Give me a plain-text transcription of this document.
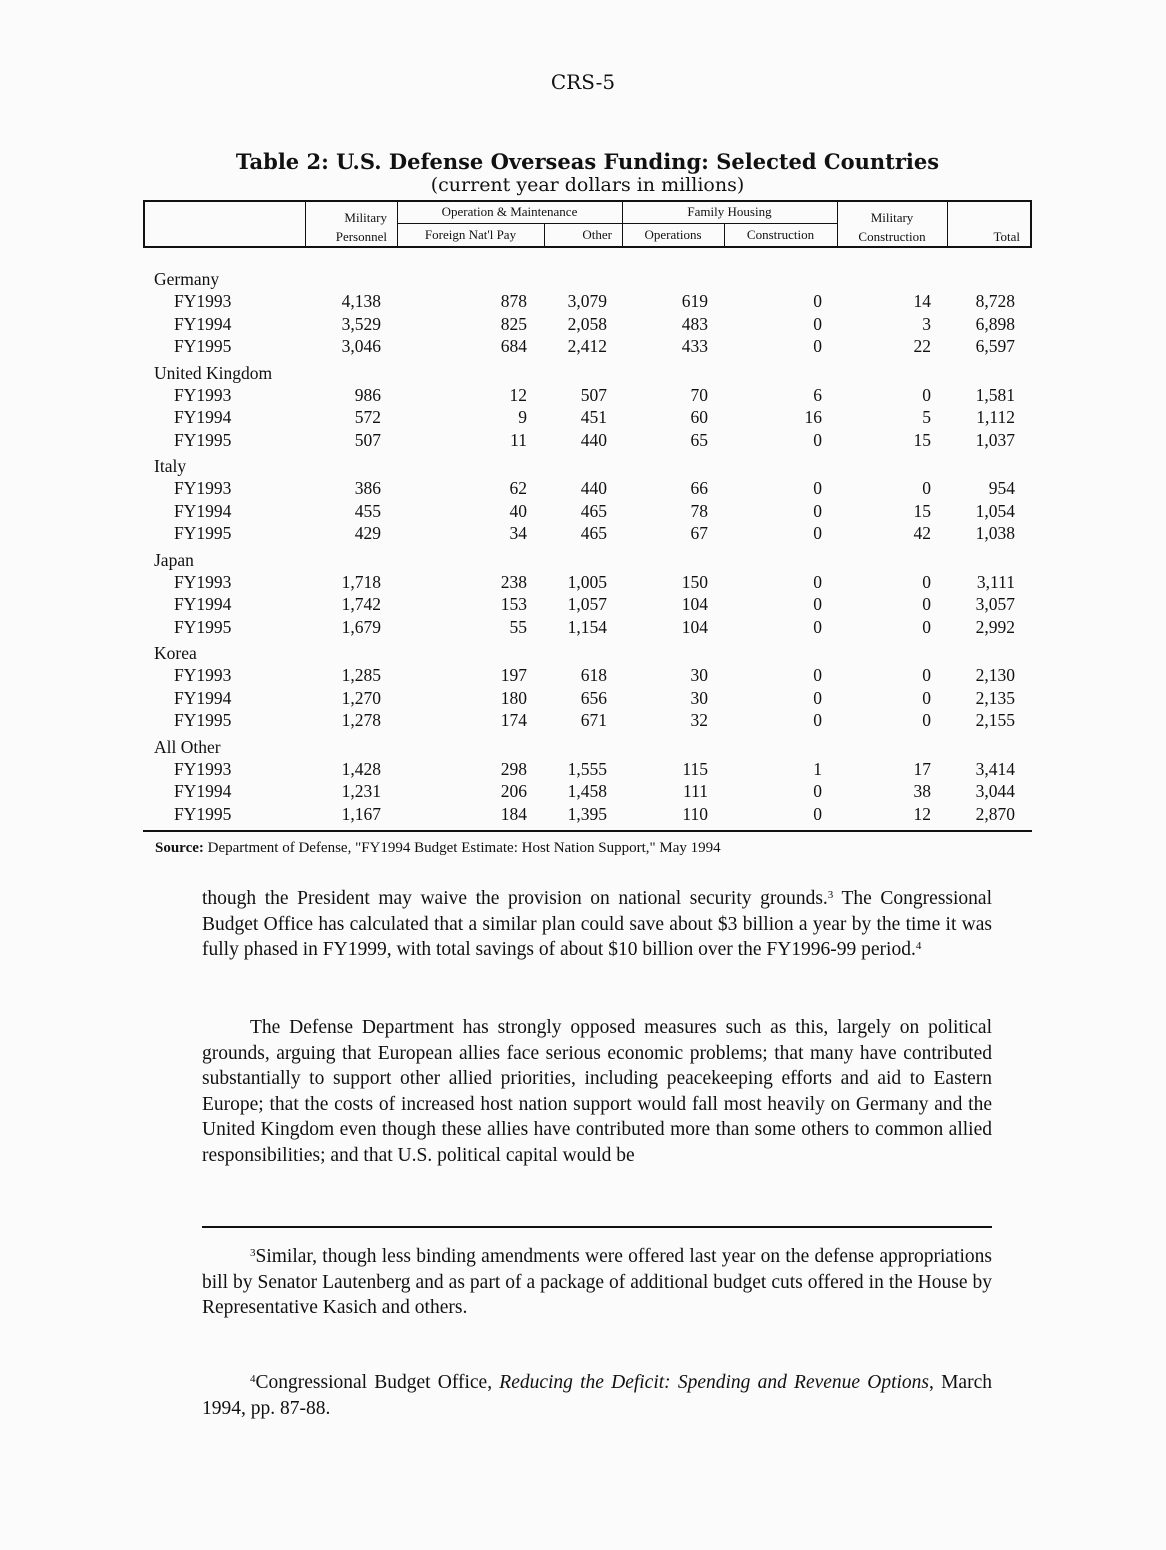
CRS-5
Table 2: U.S. Defense Overseas Funding: Selected Countries
(current year dollars in millions)
Military
Personnel
Operation & Maintenance
Foreign Nat'l Pay	Other
Family Housing
Operations	Construction
Military
Construction	Total
Germany
FY1993	4,138	878 3,079	619	0	14	8,728
FY1994	3,529	825 2,058	483	0	3	6,898
FY1995	3,046	684 2,412	433	0	22	6,597
United Kingdom
FY1993	986	12	507	70	6	0	1,581
FY1994	572	9	451	60	16	5	1,112
FY1995	507	11	440	65	0	15	1,037
Italy
FY1993	386	62	440	66	0	0	954
FY1994	455	40	465	78	0	15	1,054
FY1995	429	34	465	67	0	42	1,038
Japan
FY1993	1,718	238 1,005	150	0	0	3,111
FY1994	1,742	153 1,057	104	0	0	3,057
FY1995	1,679	55 1,154	104	0	0	2,992
Korea
FY1993	1,285	197	618	30	0	0	2,130
FY1994	1,270	180	656	30	0	0	2,135
FY1995	1,278	174	671	32	0	0	2,155
All Other
FY1993	1,428	298 1,555	115	1	17	3,414
FY1994	1,231	206 1,458	111	0	38	3,044
FY1995	1,167	184 1,395	110	0	12	2,870
Source: Department of Defense, "FY1994 Budget Estimate: Host Nation Support," May 1994

though the President may waive the provision on national security grounds.$^3$ The Congressional Budget Office has calculated that a similar plan could save about $3 billion a year by the time it was fully phased in FY1999, with total savings of about $10 billion over the FY1996-99 period.$^4$

The Defense Department has strongly opposed measures such as this, largely on political grounds, arguing that European allies face serious economic problems; that many have contributed substantially to support other allied priorities, including peacekeeping efforts and aid to Eastern Europe; that the costs of increased host nation support would fall most heavily on Germany and the United Kingdom even though these allies have contributed more than some others to common allied responsibilities; and that U.S. political capital would be

$^3$Similar, though less binding amendments were offered last year on the defense appropriations bill by Senator Lautenberg and as part of a package of additional budget cuts offered in the House by Representative Kasich and others.

$^4$Congressional Budget Office, Reducing the Deficit: Spending and Revenue Options, March 1994, pp. 87-88.
